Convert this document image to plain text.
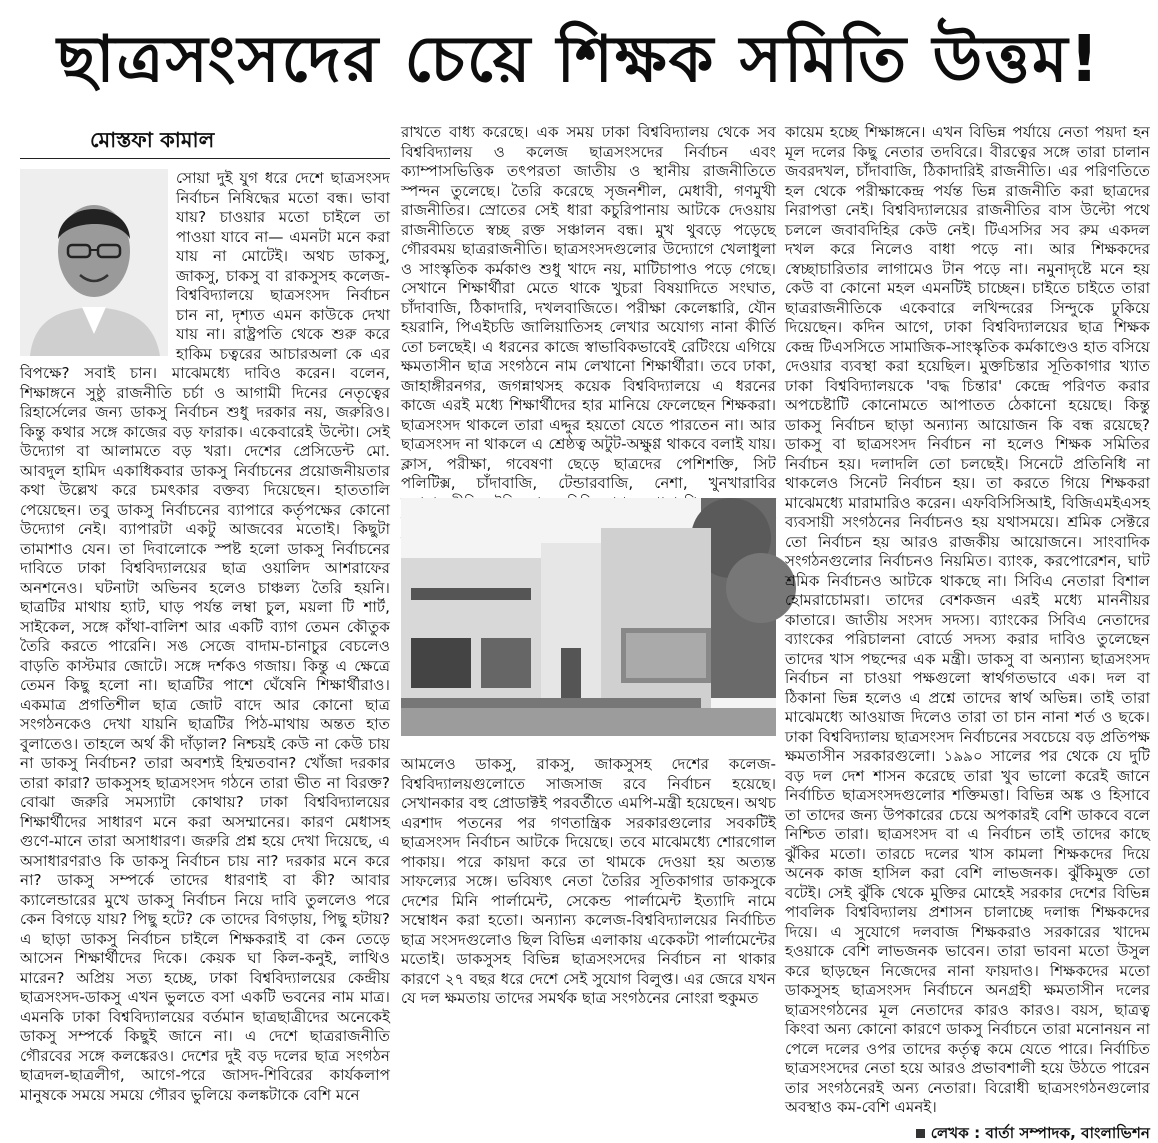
ছাত্রসংসদের চেয়ে শিক্ষক সমিতি উত্তম!
মোস্তফা কামাল

সোয়া দুই যুগ ধরে দেশে ছাত্রসংসদ নির্বাচন নিষিদ্ধের মতো বন্ধ। ভাবা যায়? চাওয়ার মতো চাইলে তা পাওয়া যাবে না— এমনটা মনে করা যায় না মোটেই। অথচ ডাকসু, জাকসু, চাকসু বা রাকসুসহ কলেজ-বিশ্ববিদ্যালয়ে ছাত্রসংসদ নির্বাচন চান না, দৃশ্যত এমন কাউকে দেখা যায় না। রাষ্ট্রপতি থেকে শুরু করে হাকিম চত্বরের আচারঅলা কে এর বিপক্ষে? সবাই চান। মাঝেমধ্যে দাবিও করেন। বলেন, শিক্ষাঙ্গনে সুষ্ঠু রাজনীতি চর্চা ও আগামী দিনের নেতৃত্বের রিহার্সেলের জন্য ডাকসু নির্বাচন শুধু দরকার নয়, জরুরিও। কিন্তু কথার সঙ্গে কাজের বড় ফারাক। একেবারেই উল্টো। সেই উদ্যোগ বা আলামতে বড় খরা। দেশের প্রেসিডেন্ট মো. আবদুল হামিদ একাধিকবার ডাকসু নির্বাচনের প্রয়োজনীয়তার কথা উল্লেখ করে চমৎকার বক্তব্য দিয়েছেন। হাততালি পেয়েছেন। তবু ডাকসু নির্বাচনের ব্যাপারে কর্তৃপক্ষের কোনো উদ্যোগ নেই। ব্যাপারটা একটু আজবের মতোই। কিছুটা তামাশাও যেন। তা দিবালোকে স্পষ্ট হলো ডাকসু নির্বাচনের দাবিতে ঢাকা বিশ্ববিদ্যালয়ের ছাত্র ওয়ালিদ আশরাফের অনশনেও। ঘটনাটা অভিনব হলেও চাঞ্চল্য তৈরি হয়নি। ছাত্রটির মাথায় হ্যাট, ঘাড় পর্যন্ত লম্বা চুল, ময়লা টি শার্ট, সাইকেল, সঙ্গে কাঁথা-বালিশ আর একটি ব্যাগ তেমন কৌতুক তৈরি করতে পারেনি। সঙ সেজে বাদাম-চানাচুর বেচলেও বাড়তি কাস্টমার জোটে। সঙ্গে দর্শকও গজায়। কিন্তু এ ক্ষেত্রে তেমন কিছু হলো না। ছাত্রটির পাশে ঘেঁষেনি শিক্ষার্থীরাও। একমাত্র প্রগতিশীল ছাত্র জোট বাদে আর কোনো ছাত্র সংগঠনকেও দেখা যায়নি ছাত্রটির পিঠ-মাথায় অন্তত হাত বুলাতেও। তাহলে অর্থ কী দাঁড়াল? নিশ্চয়ই কেউ না কেউ চায় না ডাকসু নির্বাচন? তারা অবশ্যই হিম্মতবান? খোঁজা দরকার তারা কারা? ডাকসুসহ ছাত্রসংসদ গঠনে তারা ভীত না বিরক্ত? বোঝা জরুরি সমস্যাটা কোথায়? ঢাকা বিশ্ববিদ্যালয়ের শিক্ষার্থীদের সাধারণ মনে করা অসম্মানের। কারণ মেধাসহ গুণে-মানে তারা অসাধারণ। জরুরি প্রশ্ন হয়ে দেখা দিয়েছে, এ অসাধারণরাও কি ডাকসু নির্বাচন চায় না? দরকার মনে করে না? ডাকসু সম্পর্কে তাদের ধারণাই বা কী? আবার ক্যালেন্ডারের মুখে ডাকসু নির্বাচন নিয়ে দাবি তুললেও পরে কেন বিগড়ে যায়? পিছু হটে? কে তাদের বিগড়ায়, পিছু হটায়? এ ছাড়া ডাকসু নির্বাচন চাইলে শিক্ষকরাই বা কেন তেড়ে আসেন শিক্ষার্থীদের দিকে। কেয়ক ঘা কিল-কনুই, লাথিও মারেন? অপ্রিয় সত্য হচ্ছে, ঢাকা বিশ্ববিদ্যালয়ের কেন্দ্রীয় ছাত্রসংসদ-ডাকসু এখন ভুলতে বসা একটি ভবনের নাম মাত্র। এমনকি ঢাকা বিশ্ববিদ্যালয়ের বর্তমান ছাত্রছাত্রীদের অনেকেই ডাকসু সম্পর্কে কিছুই জানে না। এ দেশে ছাত্ররাজনীতি গৌরবের সঙ্গে কলঙ্কেরও। দেশের দুই বড় দলের ছাত্র সংগঠন ছাত্রদল-ছাত্রলীগ, আগে-পরে জাসদ-শিবিরের কার্যকলাপ মানুষকে সময়ে সময়ে গৌরব ভুলিয়ে কলঙ্কটাকে বেশি মনে

রাখতে বাধ্য করেছে। এক সময় ঢাকা বিশ্ববিদ্যালয় থেকে সব বিশ্ববিদ্যালয় ও কলেজ ছাত্রসংসদের নির্বাচন এবং ক্যাম্পাসভিত্তিক তৎপরতা জাতীয় ও স্থানীয় রাজনীতিতে স্পন্দন তুলেছে। তৈরি করেছে সৃজনশীল, মেধাবী, গণমুখী রাজনীতির। স্রোতের সেই ধারা কচুরিপানায় আটকে দেওয়ায় রাজনীতিতে স্বচ্ছ রক্ত সঞ্চালন বন্ধ। মুখ থুবড়ে পড়েছে গৌরবময় ছাত্ররাজনীতি। ছাত্রসংসদগুলোর উদ্যোগে খেলাধুলা ও সাংস্কৃতিক কর্মকাণ্ড শুধু খাদে নয়, মাটিচাপাও পড়ে গেছে। সেখানে শিক্ষার্থীরা মেতে থাকে খুচরা বিষয়াদিতে সংঘাত, চাঁদাবাজি, ঠিকাদারি, দখলবাজিতে। পরীক্ষা কেলেঙ্কারি, যৌন হয়রানি, পিএইচডি জালিয়াতিসহ লেখার অযোগ্য নানা কীর্তি তো চলছেই। এ ধরনের কাজে স্বাভাবিকভাবেই রেটিংয়ে এগিয়ে ক্ষমতাসীন ছাত্র সংগঠনে নাম লেখানো শিক্ষার্থীরা। তবে ঢাকা, জাহাঙ্গীরনগর, জগন্নাথসহ কয়েক বিশ্ববিদ্যালয়ে এ ধরনের কাজে এরই মধ্যে শিক্ষার্থীদের হার মানিয়ে ফেলেছেন শিক্ষকরা। ছাত্রসংসদ থাকলে তারা এদ্দুর হয়তো যেতে পারতেন না। আর ছাত্রসংসদ না থাকলে এ শ্রেষ্ঠত্ব অটুট-অক্ষুণ্ণ থাকবে বলাই যায়। ক্লাস, পরীক্ষা, গবেষণা ছেড়ে ছাত্রদের পেশিশক্তি, সিট পলিটিক্স, চাঁদাবাজি, টেন্ডারবাজি, নেশা, খুনখারাবির

আমলেও ডাকসু, রাকসু, জাকসুসহ দেশের কলেজ-বিশ্ববিদ্যালয়গুলোতে সাজসাজ রবে নির্বাচন হয়েছে। সেখানকার বহু প্রোডাক্টই পরবর্তীতে এমপি-মন্ত্রী হয়েছেন। অথচ এরশাদ পতনের পর গণতান্ত্রিক সরকারগুলোর সবকটিই ছাত্রসংসদ নির্বাচন আটকে দিয়েছে। তবে মাঝেমধ্যে শোরগোল পাকায়। পরে কায়দা করে তা থামকে দেওয়া হয় অত্যন্ত সাফল্যের সঙ্গে। ভবিষ্যৎ নেতা তৈরির সূতিকাগার ডাকসুকে দেশের মিনি পার্লামেন্ট, সেকেন্ড পার্লামেন্ট ইত্যাদি নামে সম্বোধন করা হতো। অন্যান্য কলেজ-বিশ্ববিদ্যালয়ের নির্বাচিত ছাত্র সংসদগুলোও ছিল বিভিন্ন এলাকায় একেকটা পার্লামেন্টের মতোই। ডাকসুসহ বিভিন্ন ছাত্রসংসদের নির্বাচন না থাকার কারণে ২৭ বছর ধরে দেশে সেই সুযোগ বিলুপ্ত। এর জেরে যখন যে দল ক্ষমতায় তাদের সমর্থক ছাত্র সংগঠনের নোংরা হুকুমত

কায়েম হচ্ছে শিক্ষাঙ্গনে। এখন বিভিন্ন পর্যায়ে নেতা পয়দা হন মূল দলের কিছু নেতার তদবিরে। বীরত্বের সঙ্গে তারা চালান জবরদখল, চাঁদাবাজি, ঠিকাদারিই রাজনীতি। এর পরিণতিতে হল থেকে পরীক্ষাকেন্দ্র পর্যন্ত ভিন্ন রাজনীতি করা ছাত্রদের নিরাপত্তা নেই। বিশ্ববিদ্যালয়ের রাজনীতির বাস উল্টো পথে চললে জবাবদিহির কেউ নেই। টিএসসির সব রুম একদল দখল করে নিলেও বাধা পড়ে না। আর শিক্ষকদের স্বেচ্ছাচারিতার লাগামেও টান পড়ে না। নমুনাদৃষ্টে মনে হয় কেউ বা কোনো মহল এমনটিই চাচ্ছেন। চাইতে চাইতে তারা ছাত্ররাজনীতিকে একেবারে লখিন্দরের সিন্দুকে ঢুকিয়ে দিয়েছেন। কদিন আগে, ঢাকা বিশ্ববিদ্যালয়ের ছাত্র শিক্ষক কেন্দ্র টিএসসিতে সামাজিক-সাংস্কৃতিক কর্মকাণ্ডেও হাত বসিয়ে দেওয়ার ব্যবস্থা করা হয়েছিল। মুক্তচিন্তার সূতিকাগার খ্যাত ঢাকা বিশ্ববিদ্যালয়কে 'বদ্ধ চিন্তার' কেন্দ্রে পরিণত করার অপচেষ্টাটি কোনোমতে আপাতত ঠেকানো হয়েছে। কিন্তু ডাকসু নির্বাচন ছাড়া অন্যান্য আয়োজন কি বন্ধ রয়েছে? ডাকসু বা ছাত্রসংসদ নির্বাচন না হলেও শিক্ষক সমিতির নির্বাচন হয়। দলাদলি তো চলছেই। সিনেটে প্রতিনিধি না থাকলেও সিনেট নির্বাচন হয়। তা করতে গিয়ে শিক্ষকরা মাঝেমধ্যে মারামারিও করেন। এফবিসিসিআই, বিজিএমইএসহ ব্যবসায়ী সংগঠনের নির্বাচনও হয় যথাসময়ে। শ্রমিক সেক্টরে তো নির্বাচন হয় আরও রাজকীয় আয়োজনে। সাংবাদিক সংগঠনগুলোর নির্বাচনও নিয়মিত। ব্যাংক, করপোরেশন, ঘাট শ্রমিক নির্বাচনও আটকে থাকছে না। সিবিএ নেতারা বিশাল হোমরাচোমরা। তাদের বেশকজন এরই মধ্যে মাননীয়র কাতারে। জাতীয় সংসদ সদস্য। ব্যাংকের সিবিএ নেতাদের ব্যাংকের পরিচালনা বোর্ডে সদস্য করার দাবিও তুলেছেন তাদের খাস পছন্দের এক মন্ত্রী। ডাকসু বা অন্যান্য ছাত্রসংসদ নির্বাচন না চাওয়া পক্ষগুলো স্বার্থগতভাবে এক। দল বা ঠিকানা ভিন্ন হলেও এ প্রশ্নে তাদের স্বার্থ অভিন্ন। তাই তারা মাঝেমধ্যে আওয়াজ দিলেও তারা তা চান নানা শর্ত ও ছকে। ঢাকা বিশ্ববিদ্যালয় ছাত্রসংসদ নির্বাচনের সবচেয়ে বড় প্রতিপক্ষ ক্ষমতাসীন সরকারগুলো। ১৯৯০ সালের পর থেকে যে দুটি বড় দল দেশ শাসন করেছে তারা খুব ভালো করেই জানে নির্বাচিত ছাত্রসংসদগুলোর শক্তিমত্তা। বিভিন্ন অঙ্ক ও হিসাবে তা তাদের জন্য উপকারের চেয়ে অপকারই বেশি ডাকবে বলে নিশ্চিত তারা। ছাত্রসংসদ বা এ নির্বাচন তাই তাদের কাছে ঝুঁকির মতো। তারচে দলের খাস কামলা শিক্ষকদের দিয়ে অনেক কাজ হাসিল করা বেশি লাভজনক। ঝুঁকিমুক্ত তো বটেই। সেই ঝুঁকি থেকে মুক্তির মোহেই সরকার দেশের বিভিন্ন পাবলিক বিশ্ববিদ্যালয় প্রশাসন চালাচ্ছে দলান্ধ শিক্ষকদের দিয়ে। এ সুযোগে দলবাজ শিক্ষকরাও সরকারের খাদেম হওয়াকে বেশি লাভজনক ভাবেন। তারা ভাবনা মতো উসুল করে ছাড়ছেন নিজেদের নানা ফায়দাও। শিক্ষকদের মতো ডাকসুসহ ছাত্রসংসদ নির্বাচনে অনগ্রহী ক্ষমতাসীন দলের ছাত্রসংগঠনের মূল নেতাদের কারও কারও। বয়স, ছাত্রত্ব কিংবা অন্য কোনো কারণে ডাকসু নির্বাচনে তারা মনোনয়ন না পেলে দলের ওপর তাদের কর্তৃত্ব কমে যেতে পারে। নির্বাচিত ছাত্রসংসদের নেতা হয়ে আরও প্রভাবশালী হয়ে উঠতে পারেন তার সংগঠনেরই অন্য নেতারা। বিরোধী ছাত্রসংগঠনগুলোর অবস্থাও কম-বেশি এমনই।

লেখক : বার্তা সম্পাদক, বাংলাভিশন
